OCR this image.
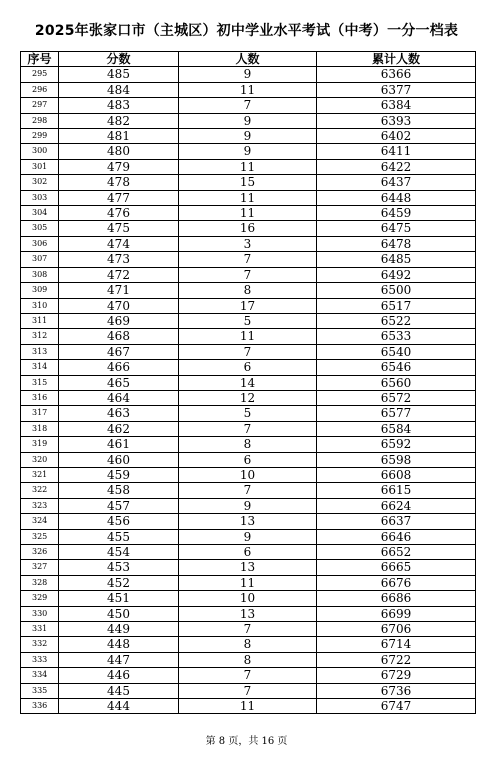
2025年张家口市（主城区）初中学业水平考试（中考）一分一档表
序号	分数	人数	累计人数
295	485	9	6366
296	484	11	6377
297	483	7	6384
298	482	9	6393
299	481	9	6402
300	480	9	6411
301	479	11	6422
302	478	15	6437
303	477	11	6448
304	476	11	6459
305	475	16	6475
306	474	3	6478
307	473	7	6485
308	472	7	6492
309	471	8	6500
310	470	17	6517
311	469	5	6522
312	468	11	6533
313	467	7	6540
314	466	6	6546
315	465	14	6560
316	464	12	6572
317	463	5	6577
318	462	7	6584
319	461	8	6592
320	460	6	6598
321	459	10	6608
322	458	7	6615
323	457	9	6624
324	456	13	6637
325	455	9	6646
326	454	6	6652
327	453	13	6665
328	452	11	6676
329	451	10	6686
330	450	13	6699
331	449	7	6706
332	448	8	6714
333	447	8	6722
334	446	7	6729
335	445	7	6736
336	444	11	6747
第 8 页，共 16 页
